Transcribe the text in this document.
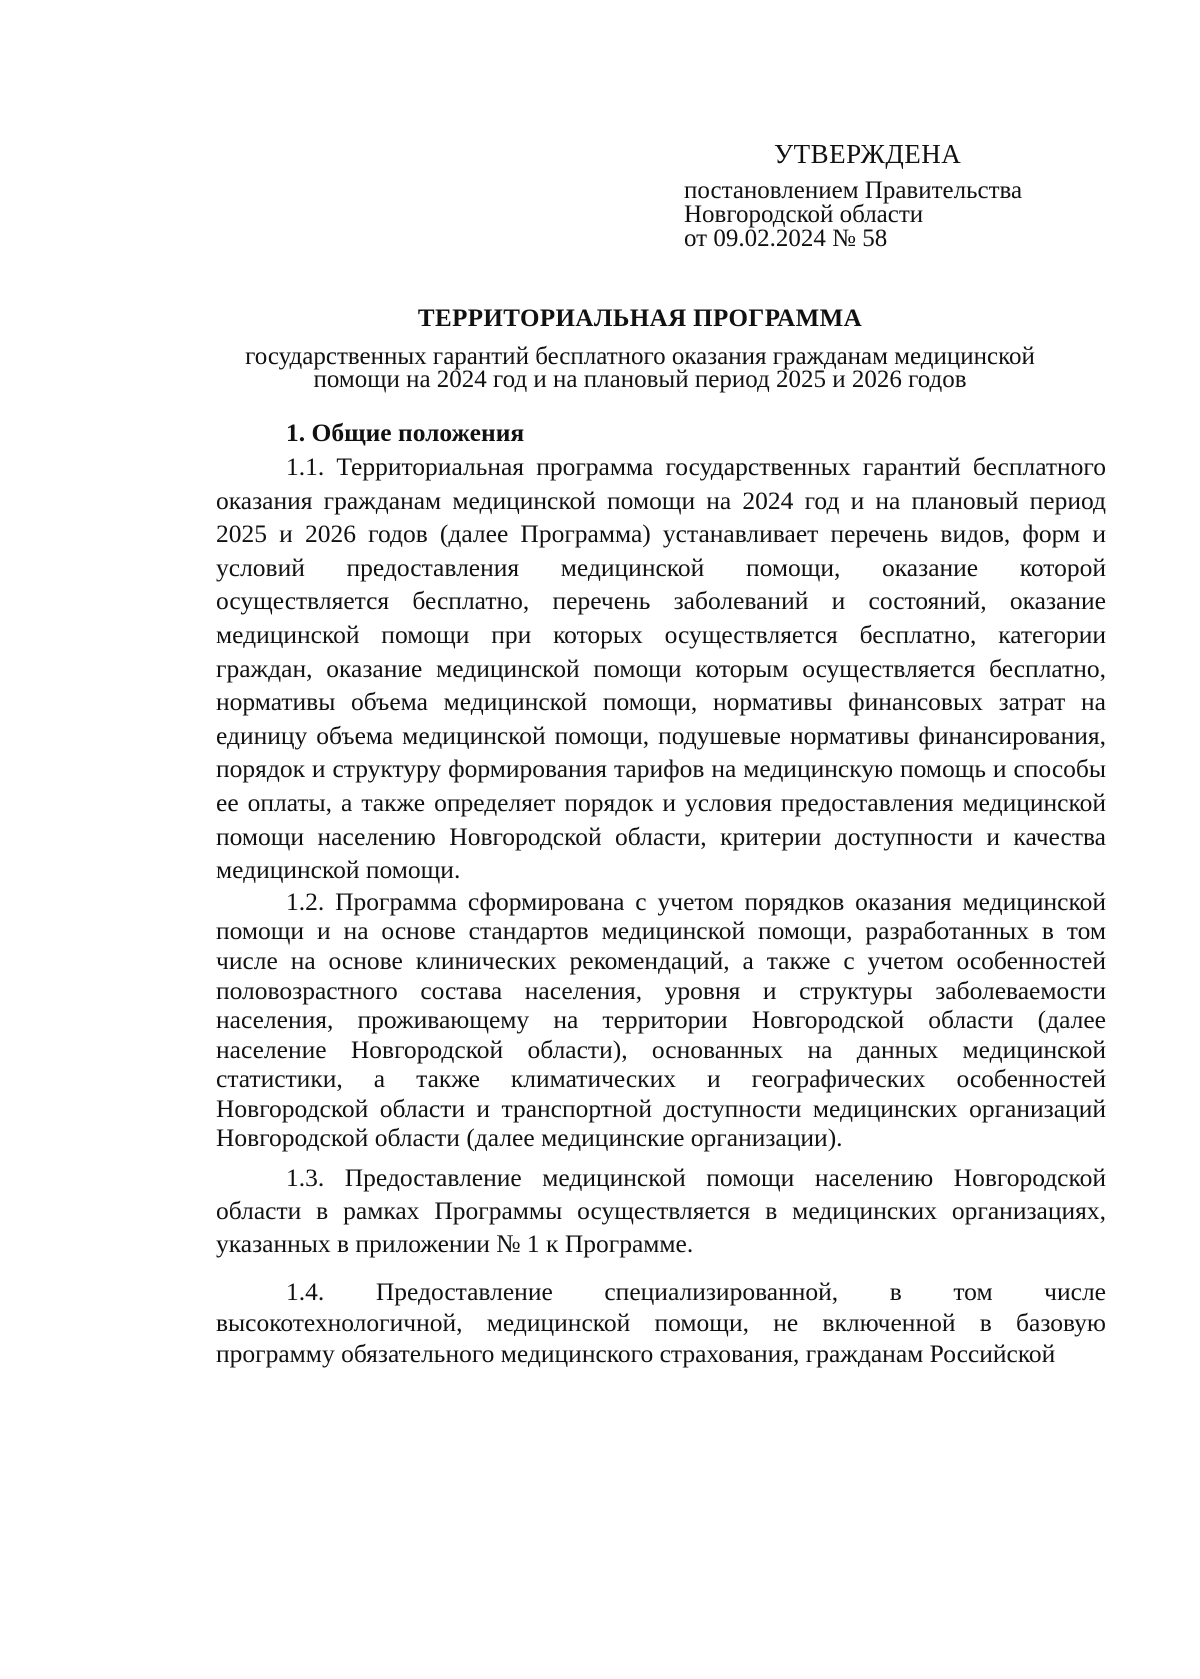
УТВЕРЖДЕНА
постановлением Правительства
Новгородской области
от 09.02.2024 № 58
ТЕРРИТОРИАЛЬНАЯ ПРОГРАММА
государственных гарантий бесплатного оказания гражданам медицинской
помощи на 2024 год и на плановый период 2025 и 2026 годов
1. Общие положения

1.1. Территориальная программа государственных гарантий бесплатного оказания гражданам медицинской помощи на 2024 год и на плановый период 2025 и 2026 годов (далее Программа) устанавливает перечень видов, форм и условий предоставления медицинской помощи, оказание которой осуществляется бесплатно, перечень заболеваний и состояний, оказание медицинской помощи при которых осуществляется бесплатно, категории граждан, оказание медицинской помощи которым осуществляется бесплатно, нормативы объема медицинской помощи, нормативы финансовых затрат на единицу объема медицинской помощи, подушевые нормативы финансирования, порядок и структуру формирования тарифов на медицинскую помощь и способы ее оплаты, а также определяет порядок и условия предоставления медицинской помощи населению Новгородской области, критерии доступности и качества медицинской помощи.

1.2. Программа сформирована с учетом порядков оказания медицинской помощи и на основе стандартов медицинской помощи, разработанных в том числе на основе клинических рекомендаций, а также с учетом особенностей половозрастного состава населения, уровня и структуры заболеваемости населения, проживающему на территории Новгородской области (далее население Новгородской области), основанных на данных медицинской статистики, а также климатических и географических особенностей Новгородской области и транспортной доступности медицинских организаций Новгородской области (далее медицинские организации).

1.3. Предоставление медицинской помощи населению Новгородской области в рамках Программы осуществляется в медицинских организациях, указанных в приложении № 1 к Программе.

1.4. Предоставление специализированной, в том числе высокотехнологичной, медицинской помощи, не включенной в базовую программу обязательного медицинского страхования, гражданам Российской
